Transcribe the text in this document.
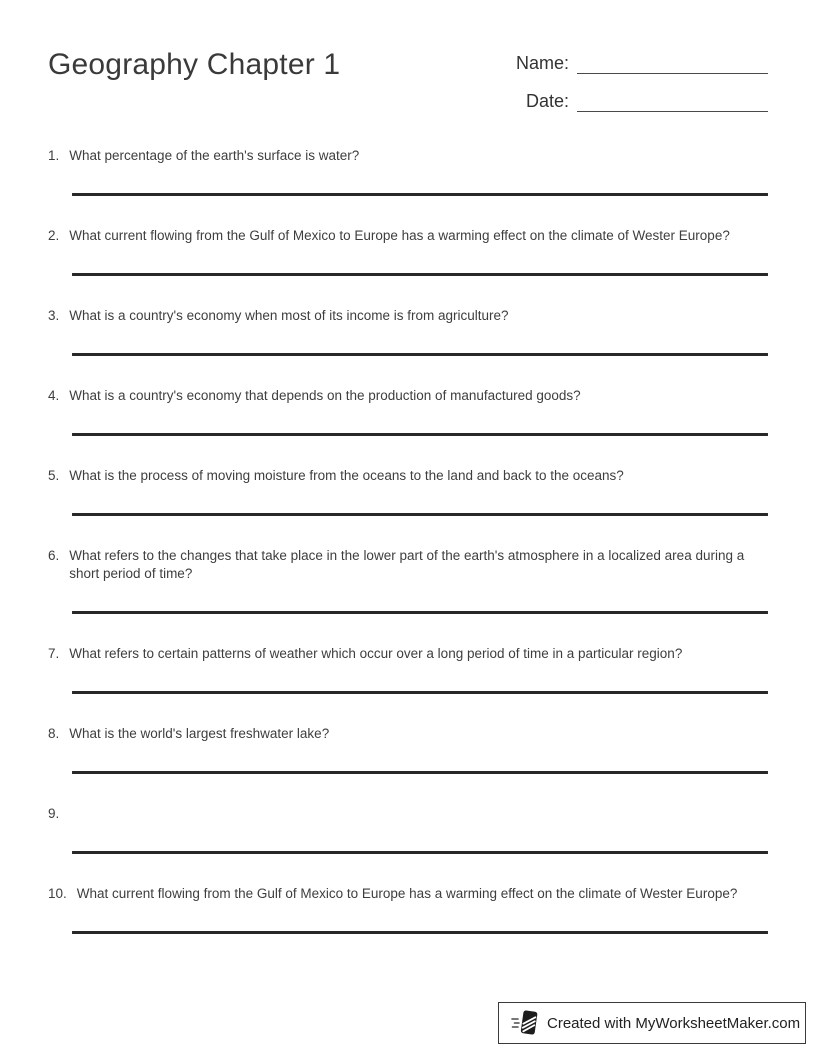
Geography Chapter 1	Name:
Date:
1. What percentage of the earth's surface is water?
2. What current flowing from the Gulf of Mexico to Europe has a warming effect on the climate of Wester Europe?
3. What is a country's economy when most of its income is from agriculture?
4. What is a country's economy that depends on the production of manufactured goods?
5. What is the process of moving moisture from the oceans to the land and back to the oceans?
6. What refers to the changes that take place in the lower part of the earth's atmosphere in a localized area during a short period of time?
7. What refers to certain patterns of weather which occur over a long period of time in a particular region?
8. What is the world's largest freshwater lake?
9.
10. What current flowing from the Gulf of Mexico to Europe has a warming effect on the climate of Wester Europe?
Created with MyWorksheetMaker.com
